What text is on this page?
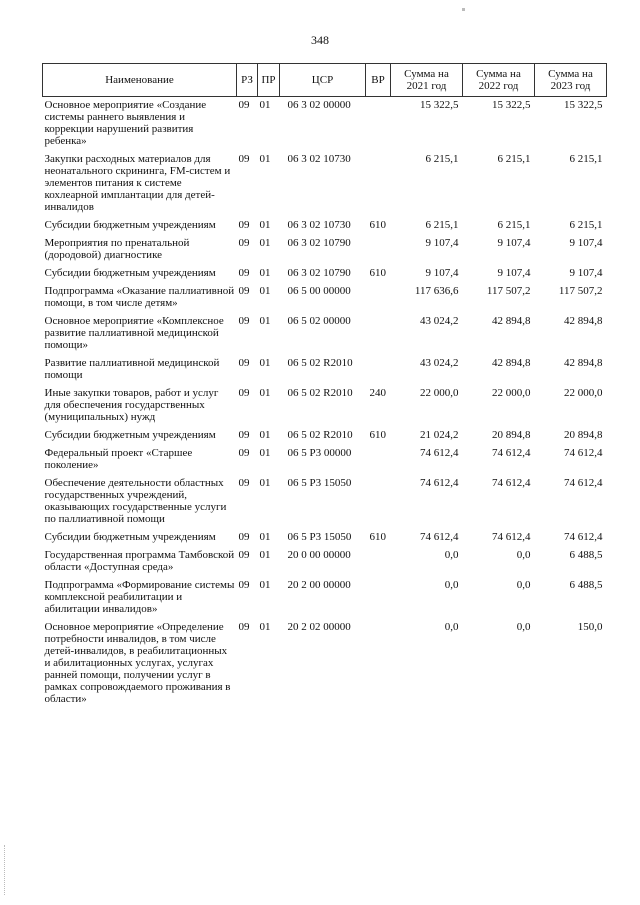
348
Наименование	РЗ	ПР	ЦСР	ВР	Сумма на 2021 год	Сумма на 2022 год	Сумма на 2023 год
Основное мероприятие «Создание системы раннего выявления и коррекции нарушений развития ребенка»	09	01	06 3 02 00000		15 322,5	15 322,5	15 322,5
Закупки расходных материалов для неонатального скрининга, FM-систем и элементов питания к системе кохлеарной имплантации для детей-инвалидов	09	01	06 3 02 10730		6 215,1	6 215,1	6 215,1
Субсидии бюджетным учреждениям	09	01	06 3 02 10730	610	6 215,1	6 215,1	6 215,1
Мероприятия по пренатальной (дородовой) диагностике	09	01	06 3 02 10790		9 107,4	9 107,4	9 107,4
Субсидии бюджетным учреждениям	09	01	06 3 02 10790	610	9 107,4	9 107,4	9 107,4
Подпрограмма «Оказание паллиативной помощи, в том числе детям»	09	01	06 5 00 00000		117 636,6	117 507,2	117 507,2
Основное мероприятие «Комплексное развитие паллиативной медицинской помощи»	09	01	06 5 02 00000		43 024,2	42 894,8	42 894,8
Развитие паллиативной медицинской помощи	09	01	06 5 02 R2010		43 024,2	42 894,8	42 894,8
Иные закупки товаров, работ и услуг для обеспечения государственных (муниципальных) нужд	09	01	06 5 02 R2010	240	22 000,0	22 000,0	22 000,0
Субсидии бюджетным учреждениям	09	01	06 5 02 R2010	610	21 024,2	20 894,8	20 894,8
Федеральный проект «Старшее поколение»	09	01	06 5 P3 00000		74 612,4	74 612,4	74 612,4
Обеспечение деятельности областных государственных учреждений, оказывающих государственные услуги по паллиативной помощи	09	01	06 5 P3 15050		74 612,4	74 612,4	74 612,4
Субсидии бюджетным учреждениям	09	01	06 5 P3 15050	610	74 612,4	74 612,4	74 612,4
Государственная программа Тамбовской области «Доступная среда»	09	01	20 0 00 00000		0,0	0,0	6 488,5
Подпрограмма «Формирование системы комплексной реабилитации и абилитации инвалидов»	09	01	20 2 00 00000		0,0	0,0	6 488,5
Основное мероприятие «Определение потребности инвалидов, в том числе детей-инвалидов, в реабилитационных и абилитационных услугах, услугах ранней помощи, получении услуг в рамках сопровождаемого проживания в области»	09	01	20 2 02 00000		0,0	0,0	150,0
